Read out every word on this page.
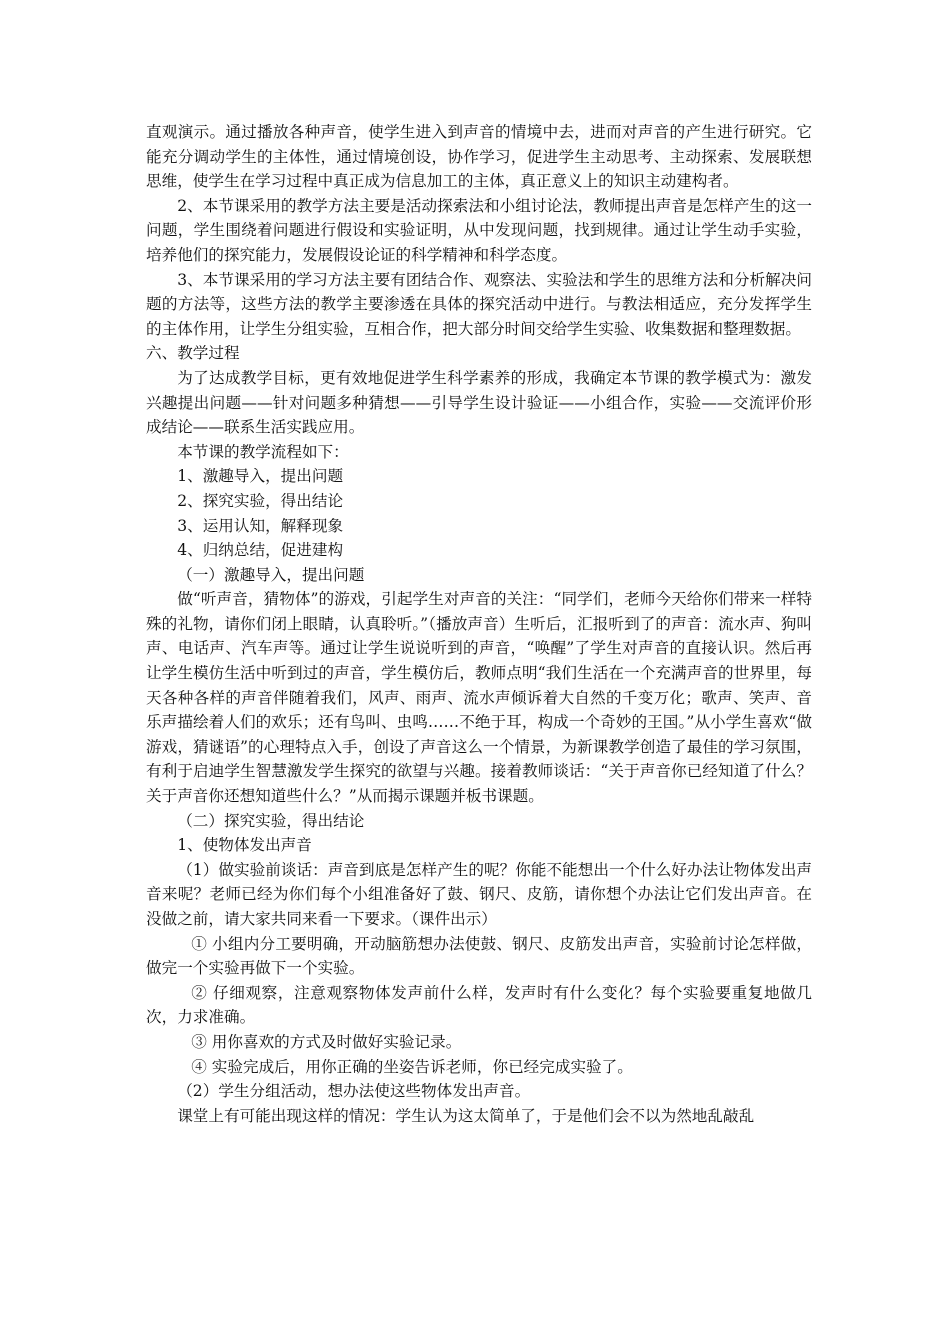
直观演示。通过播放各种声音，使学生进入到声音的情境中去，进而对声音的产生进行研究。它能充分调动学生的主体性，通过情境创设，协作学习，促进学生主动思考、主动探索、发展联想思维，使学生在学习过程中真正成为信息加工的主体，真正意义上的知识主动建构者。

2、本节课采用的教学方法主要是活动探索法和小组讨论法，教师提出声音是怎样产生的这一问题，学生围绕着问题进行假设和实验证明，从中发现问题，找到规律。通过让学生动手实验，培养他们的探究能力，发展假设论证的科学精神和科学态度。

3、本节课采用的学习方法主要有团结合作、观察法、实验法和学生的思维方法和分析解决问题的方法等，这些方法的教学主要渗透在具体的探究活动中进行。与教法相适应，充分发挥学生的主体作用，让学生分组实验，互相合作，把大部分时间交给学生实验、收集数据和整理数据。

六、教学过程

为了达成教学目标，更有效地促进学生科学素养的形成，我确定本节课的教学模式为：激发兴趣提出问题——针对问题多种猜想——引导学生设计验证——小组合作，实验——交流评价形成结论——联系生活实践应用。

本节课的教学流程如下：

1、激趣导入，提出问题

2、探究实验，得出结论

3、运用认知，解释现象

4、归纳总结，促进建构

（一）激趣导入，提出问题

做“听声音，猜物体”的游戏，引起学生对声音的关注：“同学们，老师今天给你们带来一样特殊的礼物，请你们闭上眼睛，认真聆听。”（播放声音）生听后，汇报听到了的声音：流水声、狗叫声、电话声、汽车声等。通过让学生说说听到的声音，“唤醒”了学生对声音的直接认识。然后再让学生模仿生活中听到过的声音，学生模仿后，教师点明“我们生活在一个充满声音的世界里，每天各种各样的声音伴随着我们，风声、雨声、流水声倾诉着大自然的千变万化；歌声、笑声、音乐声描绘着人们的欢乐；还有鸟叫、虫鸣……不绝于耳，构成一个奇妙的王国。”从小学生喜欢“做游戏，猜谜语”的心理特点入手，创设了声音这么一个情景，为新课教学创造了最佳的学习氛围，有利于启迪学生智慧激发学生探究的欲望与兴趣。接着教师谈话：“关于声音你已经知道了什么？关于声音你还想知道些什么？”从而揭示课题并板书课题。

（二）探究实验，得出结论

1、使物体发出声音

（1）做实验前谈话：声音到底是怎样产生的呢？你能不能想出一个什么好办法让物体发出声音来呢？老师已经为你们每个小组准备好了鼓、钢尺、皮筋，请你想个办法让它们发出声音。在没做之前，请大家共同来看一下要求。（课件出示）

① 小组内分工要明确，开动脑筋想办法使鼓、钢尺、皮筋发出声音，实验前讨论怎样做，做完一个实验再做下一个实验。

② 仔细观察，注意观察物体发声前什么样，发声时有什么变化？每个实验要重复地做几次，力求准确。

③ 用你喜欢的方式及时做好实验记录。

④ 实验完成后，用你正确的坐姿告诉老师，你已经完成实验了。

（2）学生分组活动，想办法使这些物体发出声音。

课堂上有可能出现这样的情况：学生认为这太简单了，于是他们会不以为然地乱敲乱
